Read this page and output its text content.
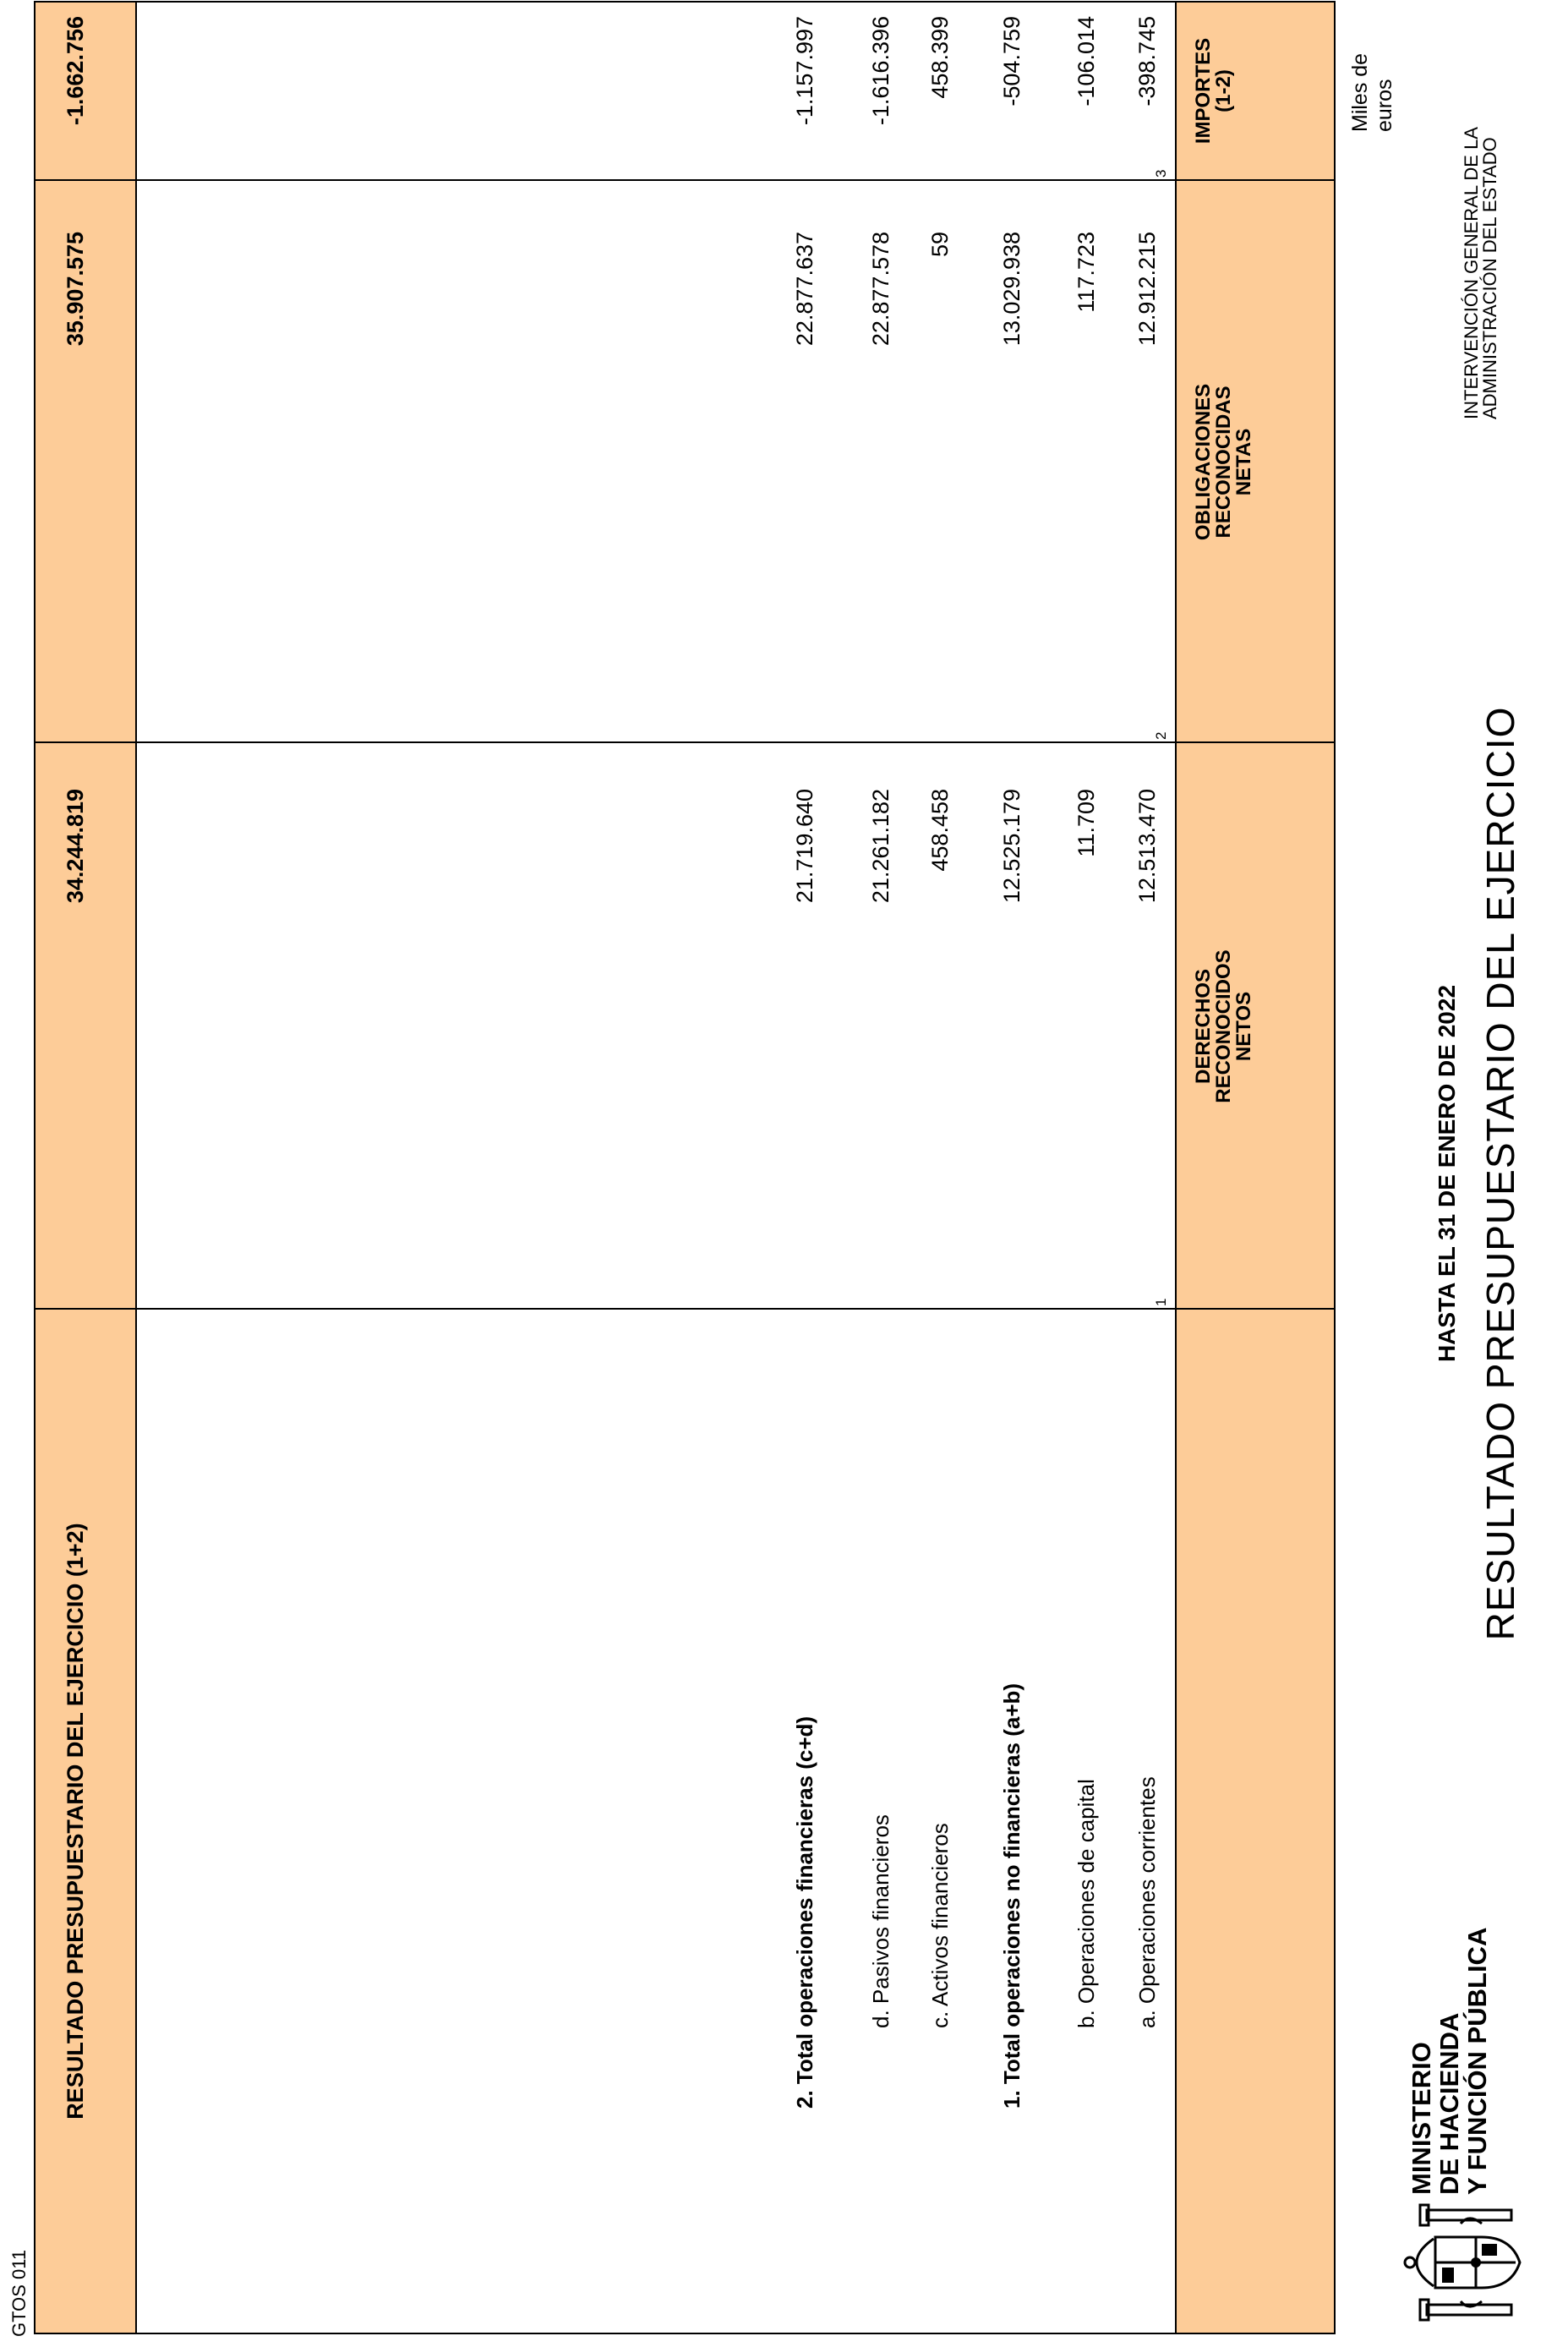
MINISTERIO
DE HACIENDA
Y FUNCIÓN PÚBLICA
RESULTADO PRESUPUESTARIO DEL EJERCICIO
HASTA EL 31 DE ENERO DE 2022
INTERVENCIÓN GENERAL DE LA
ADMINISTRACIÓN DEL ESTADO
Miles de euros
GTOS 011
DERECHOS
RECONOCIDOS
NETOS
OBLIGACIONES
RECONOCIDAS
NETAS
IMPORTES
(1-2)
1
2
3
a. Operaciones corrientes
12.513.470
12.912.215
-398.745
b. Operaciones de capital
11.709
117.723
-106.014
1. Total operaciones no financieras (a+b)
12.525.179
13.029.938
-504.759
c. Activos financieros
458.458
59
458.399
d. Pasivos financieros
21.261.182
22.877.578
-1.616.396
2. Total operaciones financieras (c+d)
21.719.640
22.877.637
-1.157.997
RESULTADO PRESUPUESTARIO DEL EJERCICIO (1+2)
34.244.819
35.907.575
-1.662.756
